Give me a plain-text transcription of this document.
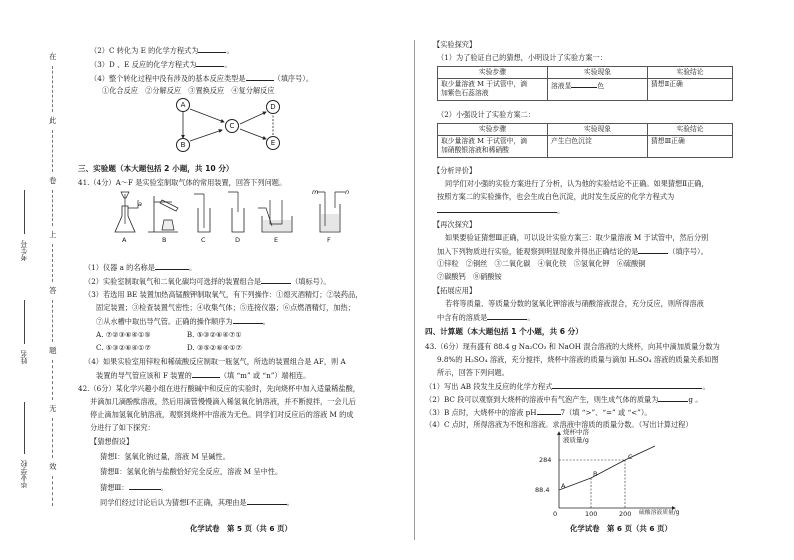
在
此
卷
上
答
题
无
效
考生号
姓名
毕业学校
（2）C 转化为 E 的化学方程式为	。
（3）D 、E 反应的化学方程式为	。
（4）整个转化过程中没有涉及的基本反应类型是	（填序号）。
①化合反应　②分解反应　③置换反应　④复分解反应
A
C
D
B	E
三、实验题（本大题包括 2 小题，共 10 分）
41.（4分）A～F 是实验室制取气体的常用装置，回答下列问题。
a
m	n
A	B	C	D	E	F
（1）仪器 a 的名称是	。
（2）实验室制取氧气和二氧化碳均可选择的装置组合是	（填标号）。
（3）若选用 BE 装置加热高锰酸钾制取氧气，有下列操作：①熄灭酒精灯；②装药品，
固定装置；③检查装置气密性；④收集气体；⑤连接仪器；⑥点燃酒精灯，加热；
⑦从水槽中取出导气管。正确的操作顺序为	。
A. ⑦②③⑥④①⑤	B. ⑤③②⑥④⑦①
C. ⑤③②⑥④①⑦	D. ③⑤②⑥④①⑦
（4）如果实验室用锌粒和稀硫酸反应制取一瓶氢气，所选的装置组合是 AF，则 A
装置的导气管应该和 F 装置的	（填 “m” 或 “n”）端相连。
42.（6分）某化学兴趣小组在进行酸碱中和反应的实验时，先向烧杯中加入适量稀盐酸，
并滴加几滴酚酞溶液，然后用滴管慢慢滴入稀氢氧化钠溶液，并不断搅拌，一会儿后
停止滴加氢氧化钠溶液，观察到烧杯中溶液为无色。同学们对反应后的溶液 M 的成
分进行了如下探究：
【猜想假设】
猜想Ⅰ：氢氧化钠过量，溶液 M 呈碱性。
猜想Ⅱ：氢氧化钠与盐酸恰好完全反应，溶液 M 呈中性。
猜想Ⅲ：	。
同学们经过讨论后认为猜想Ⅰ不正确，其理由是	。
化学试卷　第 5 页（共 6 页）
【实验探究】
（1）为了验证自己的猜想，小明设计了实验方案一：
实验步骤	实验现象	实验结论
取少量溶液 M 于试管中，滴
加紫色石蕊溶液	溶液显 色	猜想Ⅱ正确
（2）小强设计了实验方案二：
实验步骤	实验现象	实验结论
取少量溶液 M 于试管中，滴
加硝酸银溶液和稀硝酸	产生白色沉淀	猜想Ⅲ正确
【分析评价】
同学们对小强的实验方案进行了分析，认为他的实验结论不正确。如果猜想Ⅱ正确，
按照方案二的实验操作，也会生成白色沉淀，此时发生反应的化学方程式为
。
【再次探究】
如果要验证猜想Ⅲ正确，可以设计实验方案三：取少量溶液 M 于试管中，然后分别
加入下列物质进行实验，能观察到明显现象并得出正确结论的是	（填序号）。
①锌粒　②铜丝　③二氧化碳　④氧化铁　⑤氢氧化钾　⑥硫酸铜
⑦碳酸钙　⑧硝酸铵
【拓展应用】
若将等质量、等质量分数的氢氧化钾溶液与硝酸溶液混合，充分反应，则所得溶液
中含有的溶质是	。
四、计算题（本大题包括 1 个小题，共 6 分）
43.（6分）现有盛有 88.4 g Na₂CO₃ 和 NaOH 混合溶液的大烧杯，向其中滴加质量分数为
9.8%的 H₂SO₄ 溶液，充分搅拌，烧杯中溶液的质量与滴加 H₂SO₄ 溶液的质量关系如图
所示，回答下列问题。
（1）写出 AB 段发生反应的化学方程式	。
（2）BC 段可以观察到大烧杯的溶液中有气泡产生，则生成气体的质量为	g 。
（3）B 点时，大烧杯中的溶液 pH	7（填 “>”、“=” 或 “<”）。
（4）C 点时，所得溶液为不饱和溶液。求溶液中溶质的质量分数。（写出计算过程）
烧杯中溶
液质量/g
284
88.4
0	100	200 硫酸溶液质量/g
A
B
C
化学试卷　第 6 页（共 6 页）
